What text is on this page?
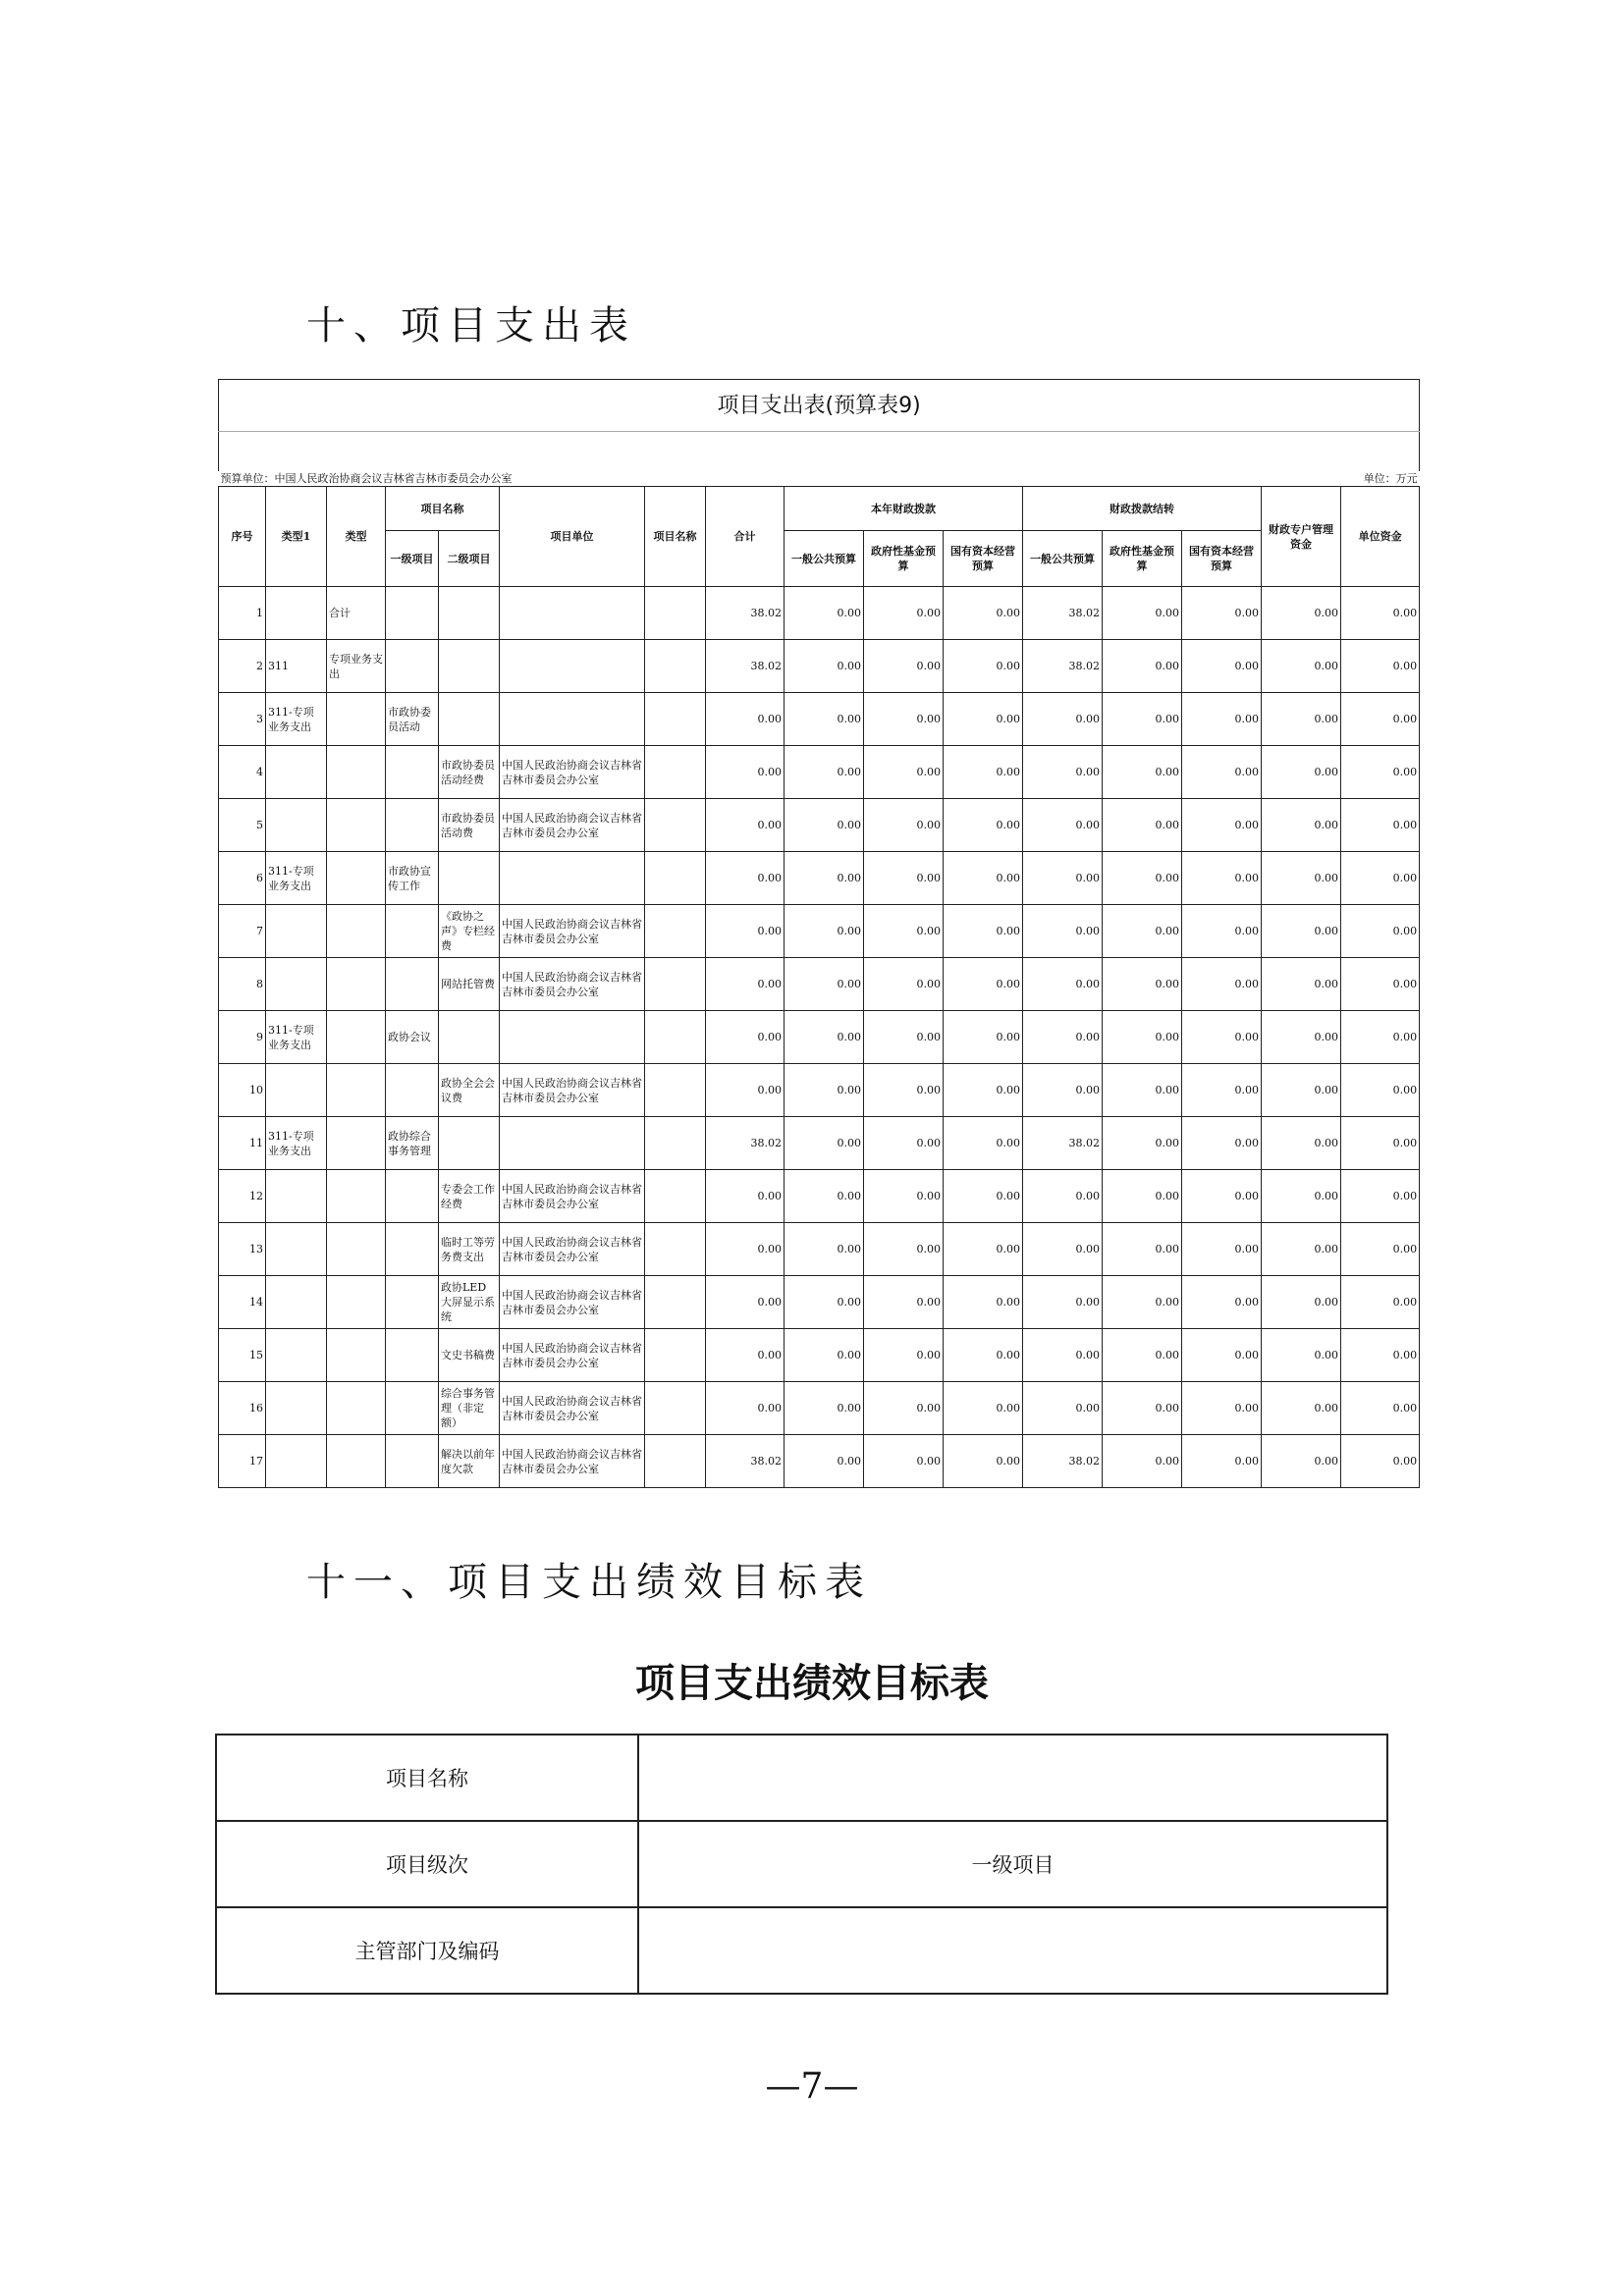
十、项目支出表
项目支出表(预算表9)															

预算单位：中国人民政治协商会议吉林省吉林市委员会办公室										单位：万元					
序号	类型1	类型	项目名称		项目单位	项目名称	合计	本年财政拨款			财政拨款结转			财政专户管理资金	单位资金
			一级项目	二级项目				一般公共预算	政府性基金预算	国有资本经营预算	一般公共预算	政府性基金预算	国有资本经营预算		
1		合计					38.02	0.00	0.00	0.00	38.02	0.00	0.00	0.00	0.00
2	311	专项业务支出					38.02	0.00	0.00	0.00	38.02	0.00	0.00	0.00	0.00
3	311-专项业务支出		市政协委员活动				0.00	0.00	0.00	0.00	0.00	0.00	0.00	0.00	0.00
4				市政协委员活动经费	中国人民政治协商会议吉林省吉林市委员会办公室		0.00	0.00	0.00	0.00	0.00	0.00	0.00	0.00	0.00
5				市政协委员活动费	中国人民政治协商会议吉林省吉林市委员会办公室		0.00	0.00	0.00	0.00	0.00	0.00	0.00	0.00	0.00
6	311-专项业务支出		市政协宣传工作				0.00	0.00	0.00	0.00	0.00	0.00	0.00	0.00	0.00
7				《政协之声》专栏经费	中国人民政治协商会议吉林省吉林市委员会办公室		0.00	0.00	0.00	0.00	0.00	0.00	0.00	0.00	0.00
8				网站托管费	中国人民政治协商会议吉林省吉林市委员会办公室		0.00	0.00	0.00	0.00	0.00	0.00	0.00	0.00	0.00
9	311-专项业务支出		政协会议				0.00	0.00	0.00	0.00	0.00	0.00	0.00	0.00	0.00
10				政协全会会议费	中国人民政治协商会议吉林省吉林市委员会办公室		0.00	0.00	0.00	0.00	0.00	0.00	0.00	0.00	0.00
11	311-专项业务支出		政协综合事务管理				38.02	0.00	0.00	0.00	38.02	0.00	0.00	0.00	0.00
12				专委会工作经费	中国人民政治协商会议吉林省吉林市委员会办公室		0.00	0.00	0.00	0.00	0.00	0.00	0.00	0.00	0.00
13				临时工等劳务费支出	中国人民政治协商会议吉林省吉林市委员会办公室		0.00	0.00	0.00	0.00	0.00	0.00	0.00	0.00	0.00
14				政协LED大屏显示系统	中国人民政治协商会议吉林省吉林市委员会办公室		0.00	0.00	0.00	0.00	0.00	0.00	0.00	0.00	0.00
15				文史书稿费	中国人民政治协商会议吉林省吉林市委员会办公室		0.00	0.00	0.00	0.00	0.00	0.00	0.00	0.00	0.00
16				综合事务管理（非定额）	中国人民政治协商会议吉林省吉林市委员会办公室		0.00	0.00	0.00	0.00	0.00	0.00	0.00	0.00	0.00
17				解决以前年度欠款	中国人民政治协商会议吉林省吉林市委员会办公室		38.02	0.00	0.00	0.00	38.02	0.00	0.00	0.00	0.00
十一、项目支出绩效目标表
项目支出绩效目标表
项目名称	
项目级次	一级项目
主管部门及编码	
—7—
